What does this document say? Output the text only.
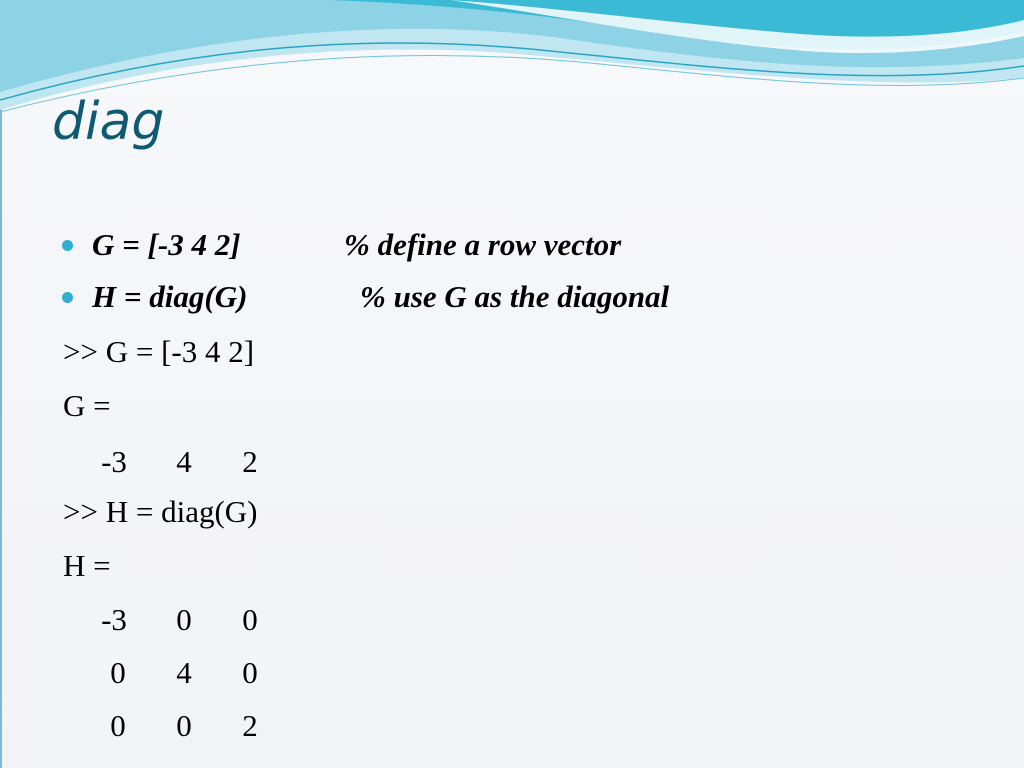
diag
G = [-3 4 2]	% define a row vector
H = diag(G)	% use G as the diagonal
>> G = [-3 4 2]
G =
-3	4	2
>> H = diag(G)
H =
-3	0	0
0	4	0
0	0	2
